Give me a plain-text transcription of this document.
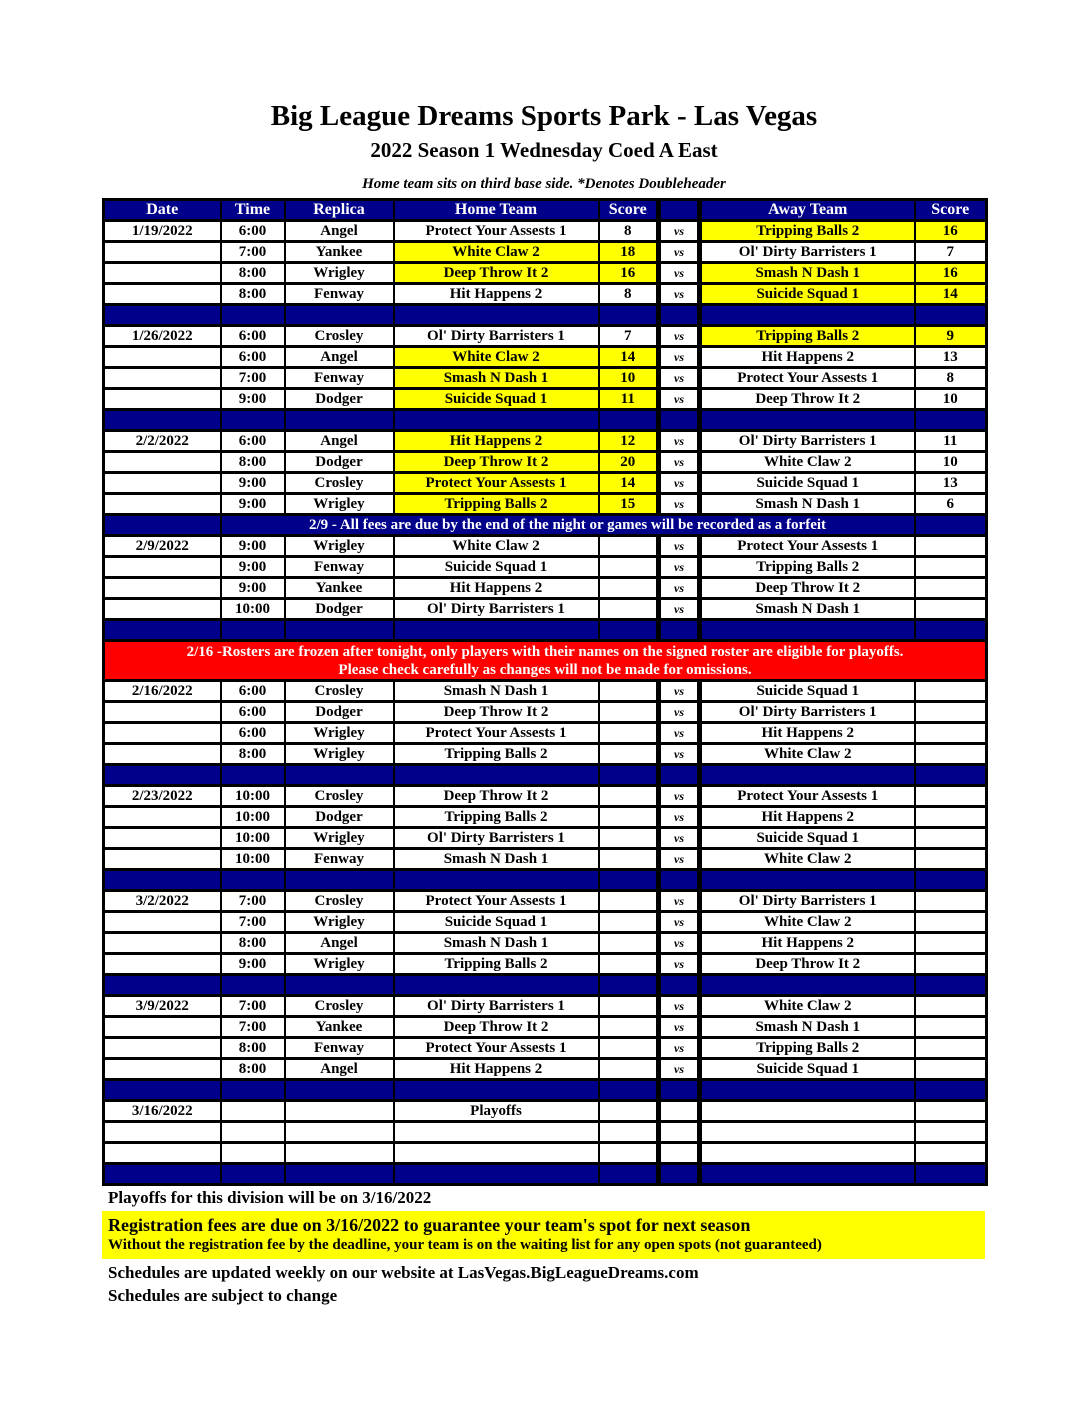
Big League Dreams Sports Park - Las Vegas
2022 Season 1 Wednesday Coed A East
Home team sits on third base side. *Denotes Doubleheader
Date	Time	Replica	Home Team	Score		Away Team	Score
1/19/2022	6:00	Angel	Protect Your Assests 1	8	vs	Tripping Balls 2	16
	7:00	Yankee	White Claw 2	18	vs	Ol' Dirty Barristers 1	7
	8:00	Wrigley	Deep Throw It 2	16	vs	Smash N Dash 1	16
	8:00	Fenway	Hit Happens 2	8	vs	Suicide Squad 1	14

1/26/2022	6:00	Crosley	Ol' Dirty Barristers 1	7	vs	Tripping Balls 2	9
	6:00	Angel	White Claw 2	14	vs	Hit Happens 2	13
	7:00	Fenway	Smash N Dash 1	10	vs	Protect Your Assests 1	8
	9:00	Dodger	Suicide Squad 1	11	vs	Deep Throw It 2	10

2/2/2022	6:00	Angel	Hit Happens 2	12	vs	Ol' Dirty Barristers 1	11
	8:00	Dodger	Deep Throw It 2	20	vs	White Claw 2	10
	9:00	Crosley	Protect Your Assests 1	14	vs	Suicide Squad 1	13
	9:00	Wrigley	Tripping Balls 2	15	vs	Smash N Dash 1	6
	2/9 - All fees are due by the end of the night or games will be recorded as a forfeit						
2/9/2022	9:00	Wrigley	White Claw 2		vs	Protect Your Assests 1	
	9:00	Fenway	Suicide Squad 1		vs	Tripping Balls 2	
	9:00	Yankee	Hit Happens 2		vs	Deep Throw It 2	
	10:00	Dodger	Ol' Dirty Barristers 1		vs	Smash N Dash 1	

2/16 -Rosters are frozen after tonight, only players with their names on the signed roster are eligible for playoffs.
Please check carefully as changes will not be made for omissions.							

2/16/2022	6:00	Crosley	Smash N Dash 1		vs	Suicide Squad 1	
	6:00	Dodger	Deep Throw It 2		vs	Ol' Dirty Barristers 1	
	6:00	Wrigley	Protect Your Assests 1		vs	Hit Happens 2	
	8:00	Wrigley	Tripping Balls 2		vs	White Claw 2	

2/23/2022	10:00	Crosley	Deep Throw It 2		vs	Protect Your Assests 1	
	10:00	Dodger	Tripping Balls 2		vs	Hit Happens 2	
	10:00	Wrigley	Ol' Dirty Barristers 1		vs	Suicide Squad 1	
	10:00	Fenway	Smash N Dash 1		vs	White Claw 2	

3/2/2022	7:00	Crosley	Protect Your Assests 1		vs	Ol' Dirty Barristers 1	
	7:00	Wrigley	Suicide Squad 1		vs	White Claw 2	
	8:00	Angel	Smash N Dash 1		vs	Hit Happens 2	
	9:00	Wrigley	Tripping Balls 2		vs	Deep Throw It 2	

3/9/2022	7:00	Crosley	Ol' Dirty Barristers 1		vs	White Claw 2	
	7:00	Yankee	Deep Throw It 2		vs	Smash N Dash 1	
	8:00	Fenway	Protect Your Assests 1		vs	Tripping Balls 2	
	8:00	Angel	Hit Happens 2		vs	Suicide Squad 1	

3/16/2022			Playoffs				

Playoffs for this division will be on 3/16/2022
Registration fees are due on 3/16/2022 to guarantee your team's spot for next season
Without the registration fee by the deadline, your team is on the waiting list for any open spots (not guaranteed)
Schedules are updated weekly on our website at LasVegas.BigLeagueDreams.com
Schedules are subject to change
